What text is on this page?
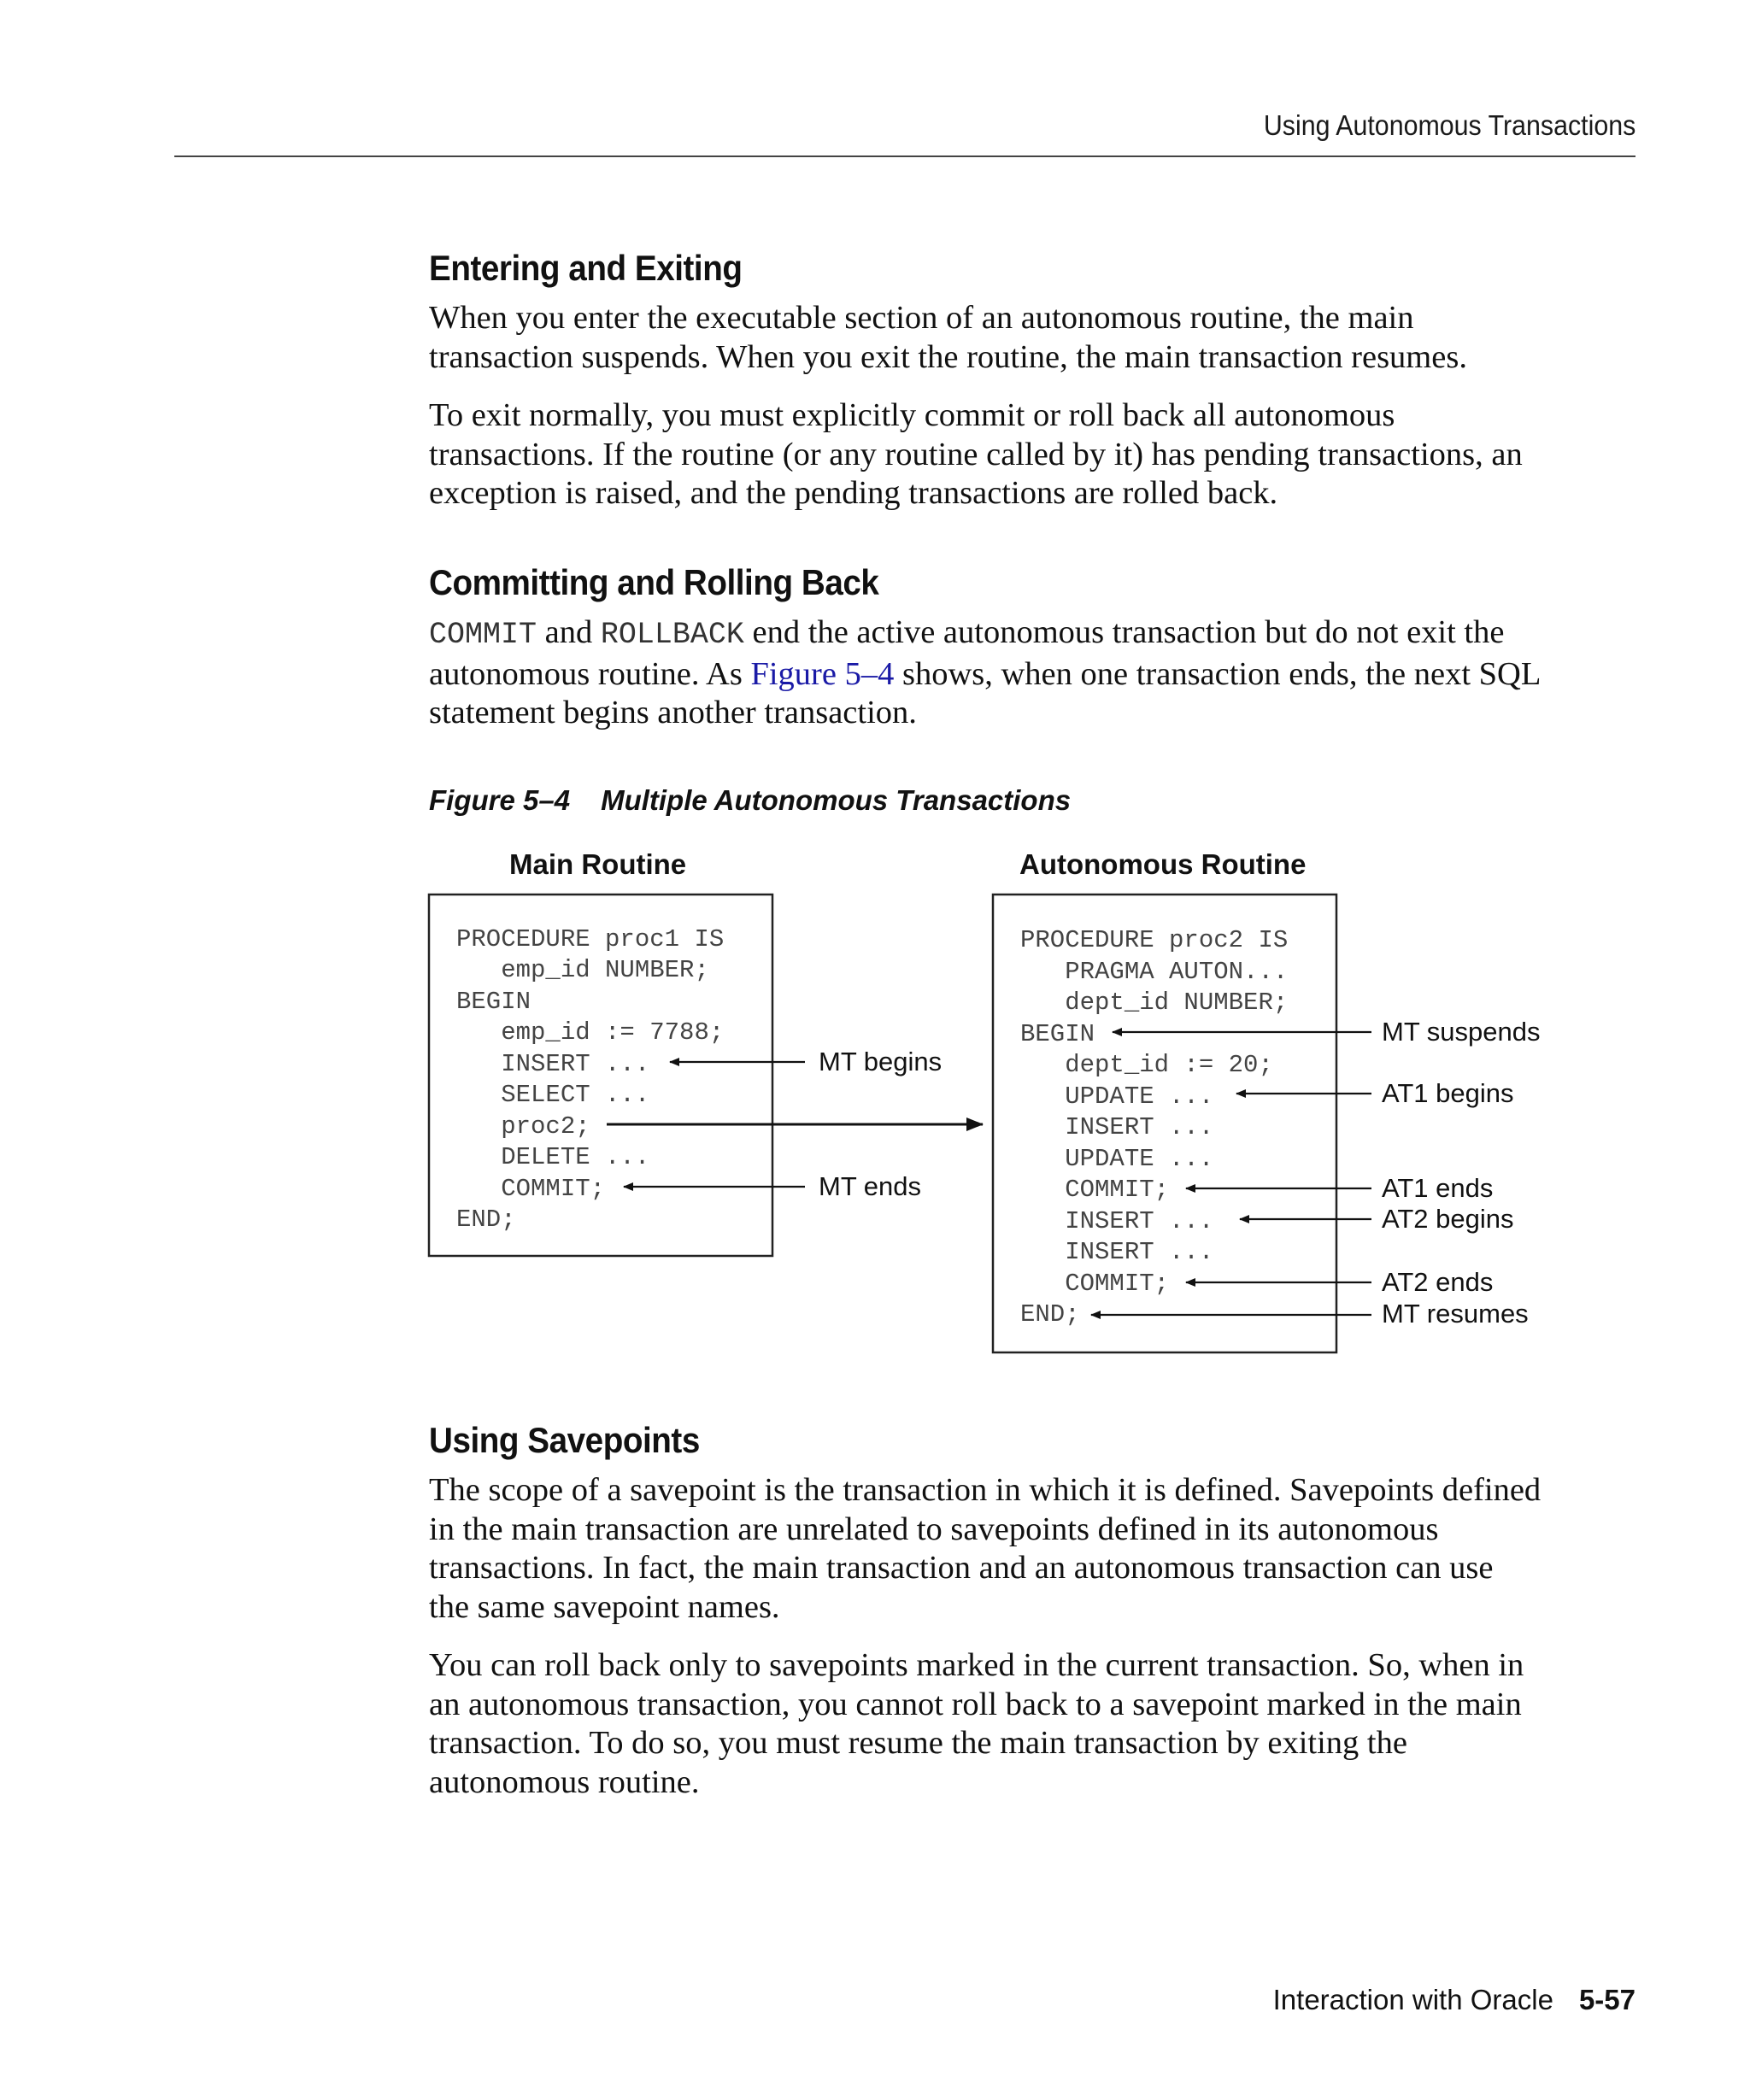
Using Autonomous Transactions
Entering and Exiting

When you enter the executable section of an autonomous routine, the main
transaction suspends. When you exit the routine, the main transaction resumes.

To exit normally, you must explicitly commit or roll back all autonomous
transactions. If the routine (or any routine called by it) has pending transactions, an
exception is raised, and the pending transactions are rolled back.

Committing and Rolling Back

COMMIT and ROLLBACK end the active autonomous transaction but do not exit the
autonomous routine. As Figure 5–4 shows, when one transaction ends, the next SQL
statement begins another transaction.

Figure 5–4 Multiple Autonomous Transactions
Main Routine	Autonomous Routine
PROCEDURE proc1 IS
emp_id NUMBER;
BEGIN
emp_id := 7788;
INSERT ...
SELECT ...
proc2;
DELETE ...
COMMIT;
END;
PROCEDURE proc2 IS
PRAGMA AUTON...
dept_id NUMBER;
BEGIN
dept_id := 20;
UPDATE ...
INSERT ...
UPDATE ...
COMMIT;
INSERT ...
INSERT ...
COMMIT;
END;
MT begins
MT ends
MT suspends
AT1 begins
AT1 ends
AT2 begins
AT2 ends
MT resumes
Using Savepoints

The scope of a savepoint is the transaction in which it is defined. Savepoints defined
in the main transaction are unrelated to savepoints defined in its autonomous
transactions. In fact, the main transaction and an autonomous transaction can use
the same savepoint names.

You can roll back only to savepoints marked in the current transaction. So, when in
an autonomous transaction, you cannot roll back to a savepoint marked in the main
transaction. To do so, you must resume the main transaction by exiting the
autonomous routine.

Interaction with Oracle 5-57
